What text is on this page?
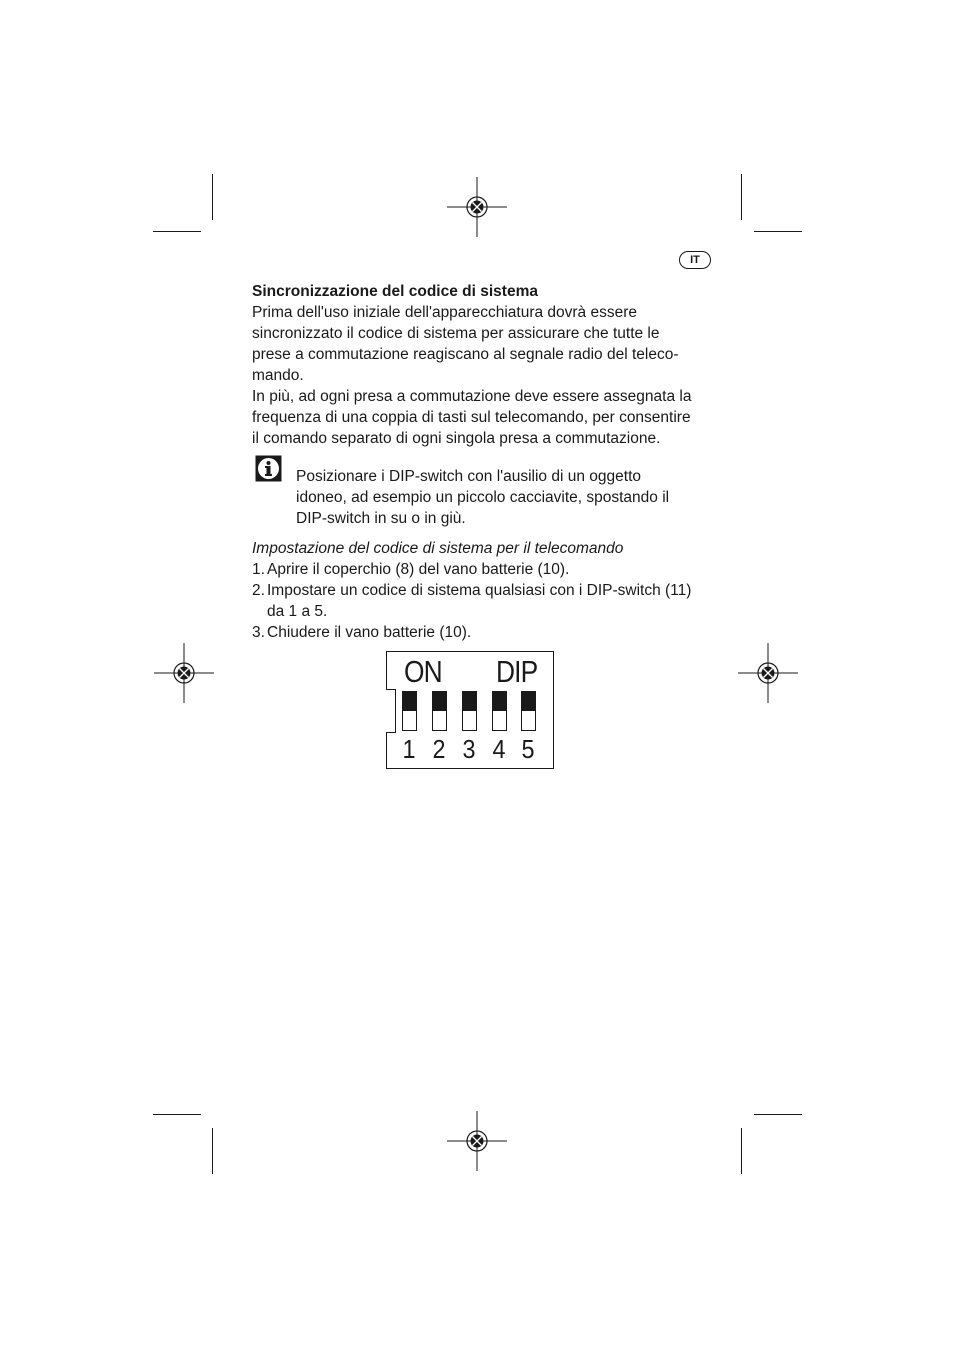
IT
Sincronizzazione del codice di sistema

Prima dell'uso iniziale dell'apparecchiatura dovrà essere sincronizzato il codice di sistema per assicurare che tutte le prese a commutazione reagiscano al segnale radio del teleco-mando.

In più, ad ogni presa a commutazione deve essere assegnata la frequenza di una coppia di tasti sul telecomando, per consentire il comando separato di ogni singola presa a commutazione.

Posizionare i DIP-switch con l'ausilio di un oggetto idoneo, ad esempio un piccolo cacciavite, spostando il DIP-switch in su o in giù.
Impostazione del codice di sistema per il telecomando
1. Aprire il coperchio (8) del vano batterie (10).
2. Impostare un codice di sistema qualsiasi con i DIP-switch (11) da 1 a 5.
3. Chiudere il vano batterie (10).
ON DIP
1 2 3 4 5
